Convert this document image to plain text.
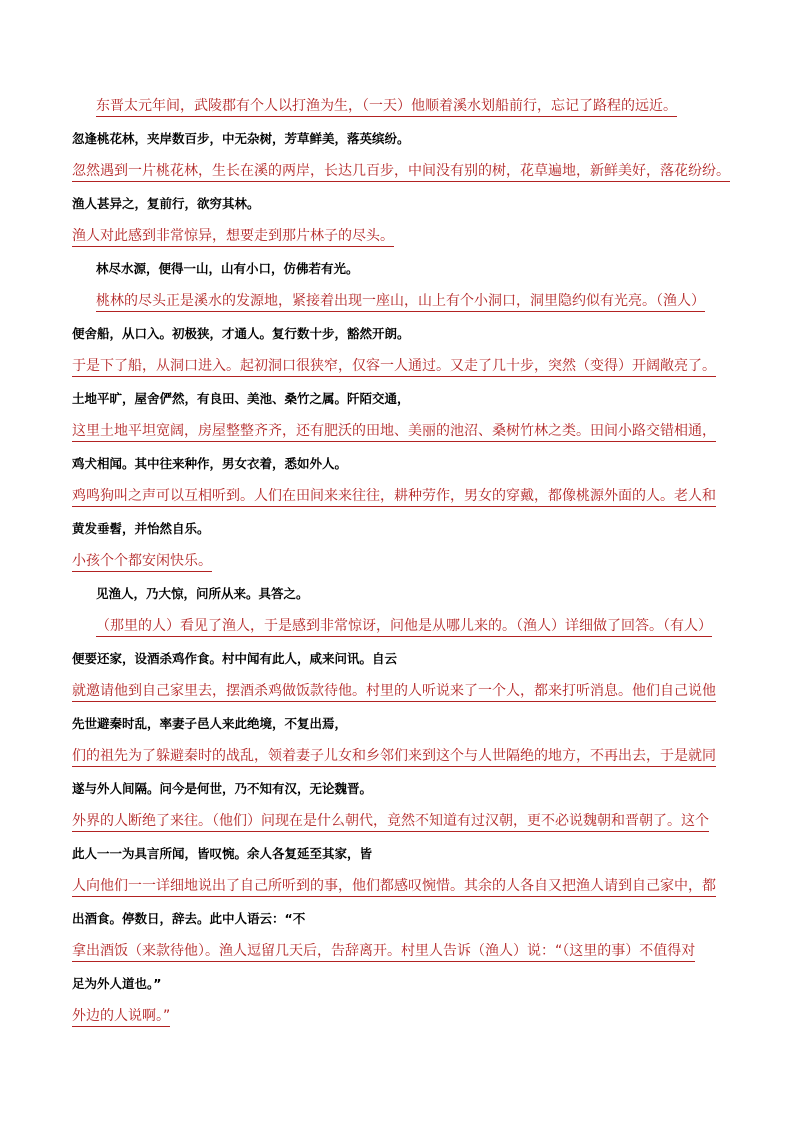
东晋太元年间，武陵郡有个人以打渔为生，（一天）他顺着溪水划船前行，忘记了路程的远近。
忽逢桃花林，夹岸数百步，中无杂树，芳草鲜美，落英缤纷。
忽然遇到一片桃花林，生长在溪的两岸，长达几百步，中间没有别的树，花草遍地，新鲜美好，落花纷纷。
渔人甚异之，复前行，欲穷其林。
渔人对此感到非常惊异，想要走到那片林子的尽头。
林尽水源，便得一山，山有小口，仿佛若有光。
桃林的尽头正是溪水的发源地，紧接着出现一座山，山上有个小洞口，洞里隐约似有光亮。（渔人）
便舍船，从口入。初极狭，才通人。复行数十步，豁然开朗。
于是下了船，从洞口进入。起初洞口很狭窄，仅容一人通过。又走了几十步，突然（变得）开阔敞亮了。
土地平旷，屋舍俨然，有良田、美池、桑竹之属。阡陌交通，
这里土地平坦宽阔，房屋整整齐齐，还有肥沃的田地、美丽的池沼、桑树竹林之类。田间小路交错相通，
鸡犬相闻。其中往来种作，男女衣着，悉如外人。
鸡鸣狗叫之声可以互相听到。人们在田间来来往往，耕种劳作，男女的穿戴，都像桃源外面的人。老人和
黄发垂髫，并怡然自乐。
小孩个个都安闲快乐。
见渔人，乃大惊，问所从来。具答之。
（那里的人）看见了渔人，于是感到非常惊讶，问他是从哪儿来的。（渔人）详细做了回答。（有人）
便要还家，设酒杀鸡作食。村中闻有此人，咸来问讯。自云
就邀请他到自己家里去，摆酒杀鸡做饭款待他。村里的人听说来了一个人，都来打听消息。他们自己说他
先世避秦时乱，率妻子邑人来此绝境，不复出焉，
们的祖先为了躲避秦时的战乱，领着妻子儿女和乡邻们来到这个与人世隔绝的地方，不再出去，于是就同
遂与外人间隔。问今是何世，乃不知有汉，无论魏晋。
外界的人断绝了来往。（他们）问现在是什么朝代，竟然不知道有过汉朝，更不必说魏朝和晋朝了。这个
此人一一为具言所闻，皆叹惋。余人各复延至其家，皆
人向他们一一详细地说出了自己所听到的事，他们都感叹惋惜。其余的人各自又把渔人请到自己家中，都
出酒食。停数日，辞去。此中人语云：“不
拿出酒饭（来款待他）。渔人逗留几天后，告辞离开。村里人告诉（渔人）说：“（这里的事）不值得对
足为外人道也。”
外边的人说啊。”
